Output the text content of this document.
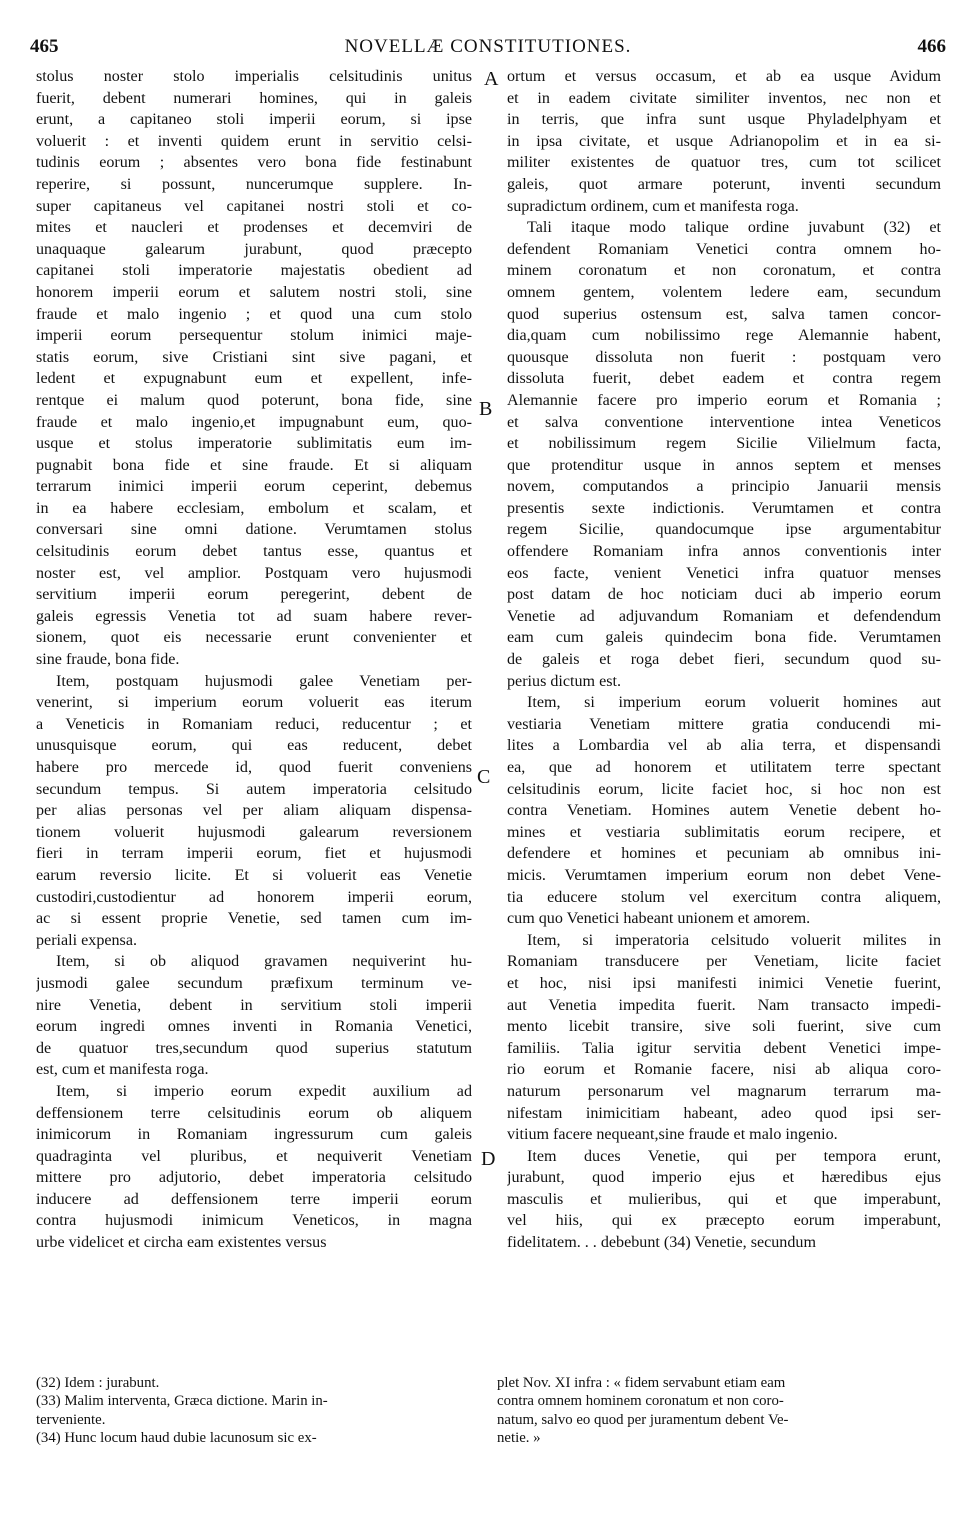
465	NOVELLÆ CONSTITUTIONES.	466
stolus noster stolo imperialis celsitudinis unitus
fuerit, debent numerari homines, qui in galeis
erunt, a capitaneo stoli imperii eorum, si ipse
voluerit : et inventi quidem erunt in servitio celsi-
tudinis eorum ; absentes vero bona fide festinabunt
reperire, si possunt, nuncerumque supplere. In-
super capitaneus vel capitanei nostri stoli et co-
mites et naucleri et prodenses et decemviri de
unaquaque galearum jurabunt, quod præcepto
capitanei stoli imperatorie majestatis obedient ad
honorem imperii eorum et salutem nostri stoli, sine
fraude et malo ingenio ; et quod una cum stolo
imperii eorum persequentur stolum inimici maje-
statis eorum, sive Cristiani sint sive pagani, et
ledent et expugnabunt eum et expellent, infe-
rentque ei malum quod poterunt, bona fide, sine
fraude et malo ingenio,et impugnabunt eum, quo-
usque et stolus imperatorie sublimitatis eum im-
pugnabit bona fide et sine fraude. Et si aliquam
terrarum inimici imperii eorum ceperint, debemus
in ea habere ecclesiam, embolum et scalam, et
conversari sine omni datione. Verumtamen stolus
celsitudinis eorum debet tantus esse, quantus et
noster est, vel amplior. Postquam vero hujusmodi
servitium imperii eorum peregerint, debent de
galeis egressis Venetia tot ad suam habere rever-
sionem, quot eis necessarie erunt convenienter et
sine fraude, bona fide.
Item, postquam hujusmodi galee Venetiam per-
venerint, si imperium eorum voluerit eas iterum
a Veneticis in Romaniam reduci, reducentur ; et
unusquisque eorum, qui eas reducent, debet
habere pro mercede id, quod fuerit conveniens
secundum tempus. Si autem imperatoria celsitudo
per alias personas vel per aliam aliquam dispensa-
tionem voluerit hujusmodi galearum reversionem
fieri in terram imperii eorum, fiet et hujusmodi
earum reversio licite. Et si voluerit eas Venetie
custodiri,custodientur ad honorem imperii eorum,
ac si essent proprie Venetie, sed tamen cum im-
periali expensa.
Item, si ob aliquod gravamen nequiverint hu-
jusmodi galee secundum præfixum terminum ve-
nire Venetia, debent in servitium stoli imperii
eorum ingredi omnes inventi in Romania Venetici,
de quatuor tres,secundum quod superius statutum
est, cum et manifesta roga.
Item, si imperio eorum expedit auxilium ad
deffensionem terre celsitudinis eorum ob aliquem
inimicorum in Romaniam ingressurum cum galeis
quadraginta vel pluribus, et nequiverit Venetiam
mittere pro adjutorio, debet imperatoria celsitudo
inducere ad deffensionem terre imperii eorum
contra hujusmodi inimicum Veneticos, in magna
urbe videlicet et circha eam existentes versus
ortum et versus occasum, et ab ea usque Avidum
et in eadem civitate similiter inventos, nec non et
in terris, que infra sunt usque Phyladelphyam et
in ipsa civitate, et usque Adrianopolim et in ea si-
militer existentes de quatuor tres, cum tot scilicet
galeis, quot armare poterunt, inventi secundum
supradictum ordinem, cum et manifesta roga.
Tali itaque modo talique ordine juvabunt (32) et
defendent Romaniam Venetici contra omnem ho-
minem coronatum et non coronatum, et contra
omnem gentem, volentem ledere eam, secundum
quod superius ostensum est, salva tamen concor-
dia,quam cum nobilissimo rege Alemannie habent,
quousque dissoluta non fuerit : postquam vero
dissoluta fuerit, debet eadem et contra regem
Alemannie facere pro imperio eorum et Romania ;
et salva conventione interventione intea Veneticos
et nobilissimum regem Sicilie Vilielmum facta,
que protenditur usque in annos septem et menses
novem, computandos a principio Januarii mensis
presentis sexte indictionis. Verumtamen et contra
regem Sicilie, quandocumque ipse argumentabitur
offendere Romaniam infra annos conventionis inter
eos facte, venient Venetici infra quatuor menses
post datam de hoc noticiam duci ab imperio eorum
Venetie ad adjuvandum Romaniam et defendendum
eam cum galeis quindecim bona fide. Verumtamen
de galeis et roga debet fieri, secundum quod su-
perius dictum est.
Item, si imperium eorum voluerit homines aut
vestiaria Venetiam mittere gratia conducendi mi-
lites a Lombardia vel ab alia terra, et dispensandi
ea, que ad honorem et utilitatem terre spectant
celsitudinis eorum, licite faciet hoc, si hoc non est
contra Venetiam. Homines autem Venetie debent ho-
mines et vestiaria sublimitatis eorum recipere, et
defendere et homines et pecuniam ab omnibus ini-
micis. Verumtamen imperium eorum non debet Vene-
tia educere stolum vel exercitum contra aliquem,
cum quo Venetici habeant unionem et amorem.
Item, si imperatoria celsitudo voluerit milites in
Romaniam transducere per Venetiam, licite faciet
et hoc, nisi ipsi manifesti inimici Venetie fuerint,
aut Venetia impedita fuerit. Nam transacto impedi-
mento licebit transire, sive soli fuerint, sive cum
familiis. Talia igitur servitia debent Venetici impe-
rio eorum et Romanie facere, nisi ab aliqua coro-
naturum personarum vel magnarum terrarum ma-
nifestam inimicitiam habeant, adeo quod ipsi ser-
vitium facere nequeant,sine fraude et malo ingenio.
Item duces Venetie, qui per tempora erunt,
jurabunt, quod imperio ejus et hæredibus ejus
masculis et mulieribus, qui et que imperabunt,
vel hiis, qui ex præcepto eorum imperabunt,
fidelitatem. . . debebunt (34) Venetie, secundum
A
B
C
D
(32) Idem : jurabunt.
(33) Malim interventa, Græca dictione. Marin in-
terveniente.
(34) Hunc locum haud dubie lacunosum sic ex-
plet Nov. XI infra : « fidem servabunt etiam eam
contra omnem hominem coronatum et non coro-
natum, salvo eo quod per juramentum debent Ve-
netie. »
